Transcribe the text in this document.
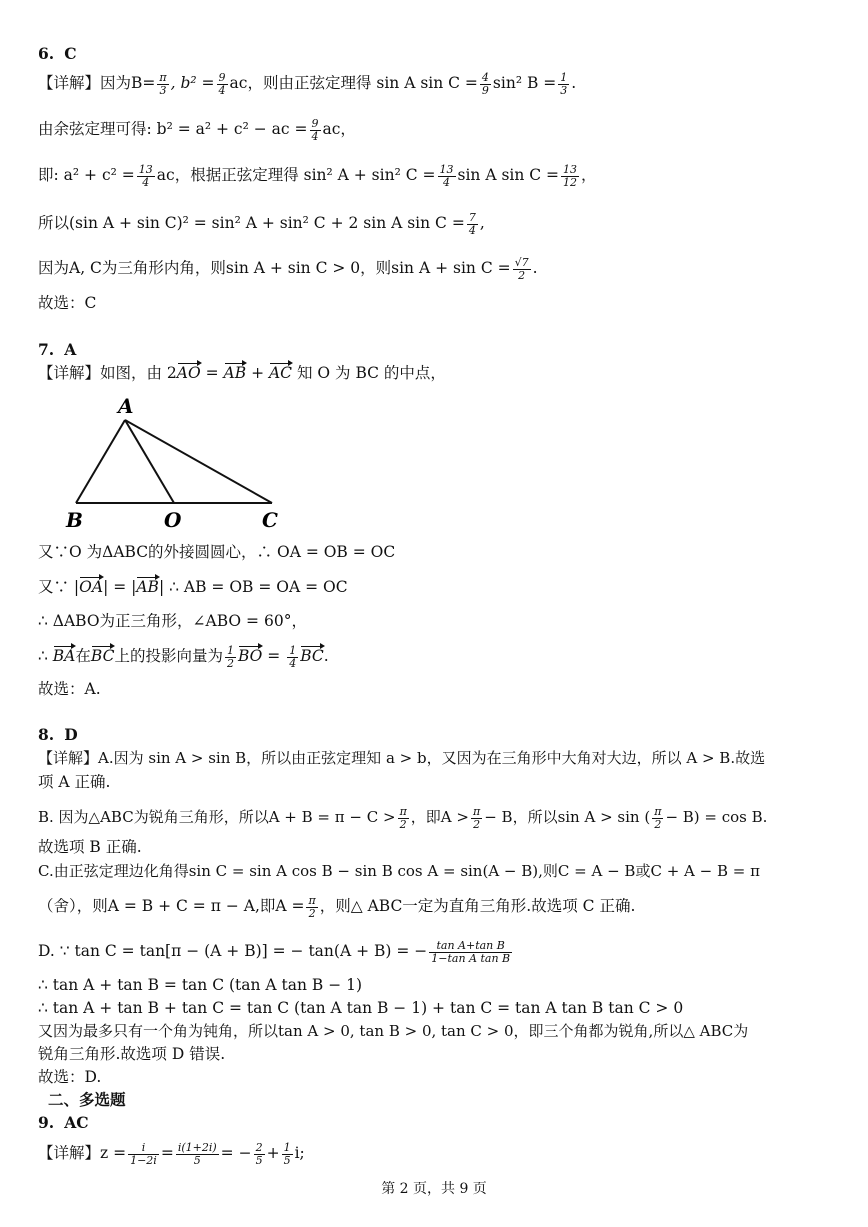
6. C
【详解】因为$B= \frac{\pi}{3}$ , $b^2 = \frac{9}{4}$ ac，则由正弦定理得 sin A $\sin C = \frac{4}{9} \sin^2$ $B = \frac{1}{3}$ .
由余弦定理可得: b² = a² + c² − ac = $\frac{9}{4}$ ac，
即: $a^2 + c^2 = \frac{13}{4}$ ac，根据正弦定理得 sin² A + sin² $C = \frac{13}{4}$ sin A $\sin C = \frac{13}{12}$ ，
所以(sin A + sin C)² = sin² A + sin² C + 2 sin A $\sin C = \frac{7}{4}$ ,
因为A, C为三角形内角，则sin A + sin C > 0，则$\sin A + \sin C = \frac{√7}{2}$ .
故选：C
7. A
【详解】如图，由 2AO = AB + AC 知 O 为 BC 的中点，
A
B	O	C
又∵O 为ΔABC的外接圆圆心，∴ OA = OB = OC
又∵ |OA| = |AB| ∴ AB = OB = OA = OC
∴ ΔABO为正三角形，∠ABO = 60°，
∴ BA在BC上的投影向量为 $\frac{1}{2}$ BO = $\frac{1}{4}$ BC.
故选：A.
8. D
【详解】A.因为 sin A > sin B，所以由正弦定理知 a > b，又因为在三角形中大角对大边，所以 A > B.故选
项 A 正确.
B. 因为△ABC为锐角三角形，所以$A + B = \pi - C > \frac{\pi}{2}$ ，即$A > \frac{\pi}{2} - B$，所以sin A > sin ( $\frac{\pi}{2} - B) = \cos B$.
故选项 B 正确.
C.由正弦定理边化角得sin C = sin A cos B − sin B cos A = sin(A − B),则C = A − B或C + A − B = π
（舍），则A = B + C = π − A,即$A = \frac{\pi}{2}$ ，则△ ABC一定为直角三角形.故选项 C 正确.
D. ∵ tan C = tan[π − (A + B)] = − tan(A + B) = − $\frac{\text{tan A+tan B}}{\text{1−tan A tan B}}$
∴ tan A + tan B = tan C (tan A tan B − 1)
∴ tan A + tan B + tan C = tan C (tan A tan B − 1) + tan C = tan A tan B tan C > 0
又因为最多只有一个角为钝角，所以tan A > 0, tan B > 0, tan C > 0，即三个角都为锐角,所以△ ABC为
锐角三角形.故选项 D 错误.
故选：D.
二、多选题
9. AC
【详解】$z = \frac{i}{1-2i} = \frac{i(1+2i)}{5}$ = − $\frac{2}{5} + \frac{1}{5} i$;
第 2 页，共 9 页
